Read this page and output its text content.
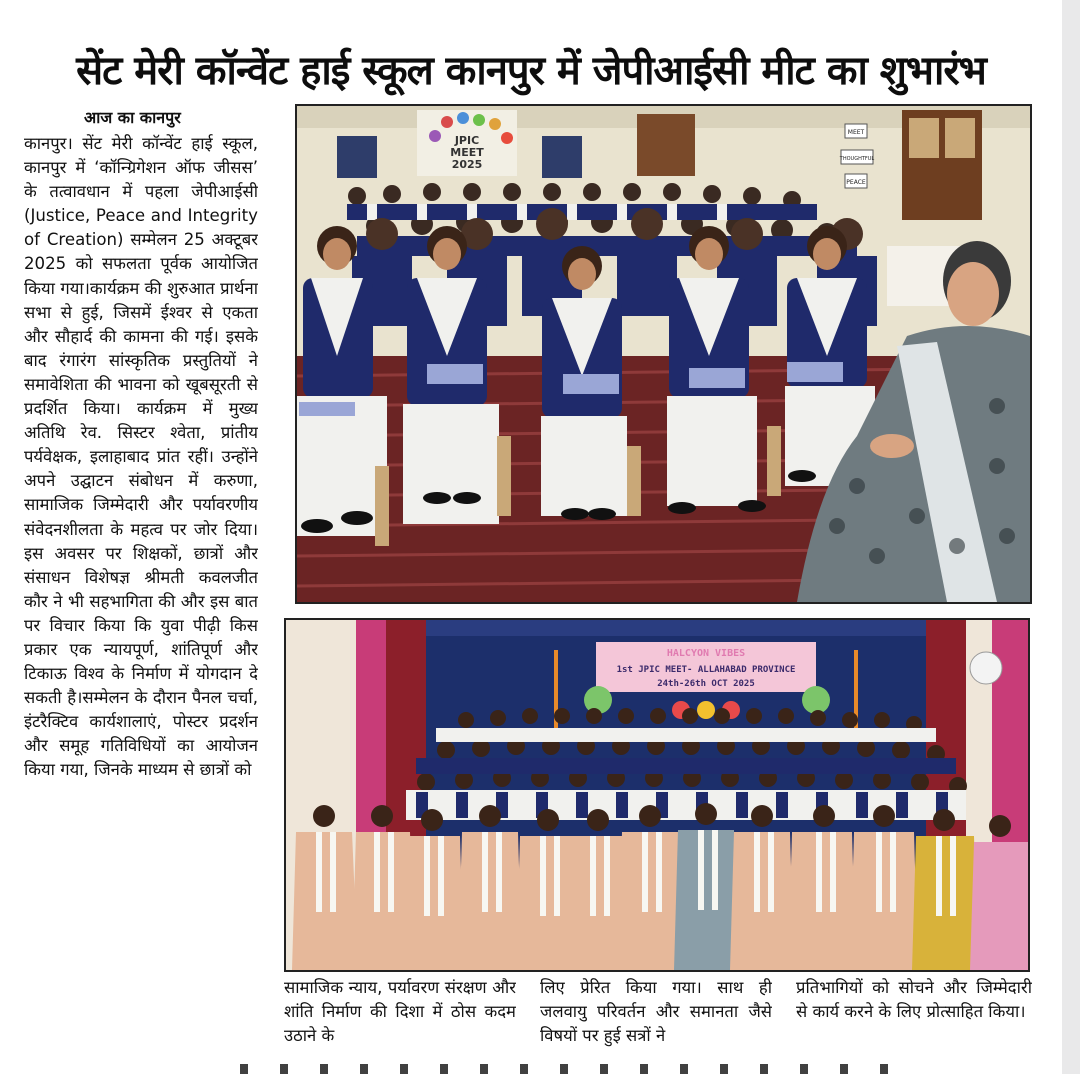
सेंट मेरी कॉन्वेंट हाई स्कूल कानपुर में जेपीआईसी मीट का शुभारंभ
आज का कानपुर
कानपुर। सेंट मेरी कॉन्वेंट हाई स्कूल, कानपुर में ‘कॉन्ग्रिगेशन ऑफ जीसस’ के तत्वावधान में पहला जेपीआईसी (Justice, Peace and Integrity of Creation) सम्मेलन 25 अक्टूबर 2025 को सफलता पूर्वक आयोजित किया गया।कार्यक्रम की शुरुआत प्रार्थना सभा से हुई, जिसमें ईश्वर से एकता और सौहार्द की कामना की गई। इसके बाद रंगारंग सांस्कृतिक प्रस्तुतियों ने समावेशिता की भावना को खूबसूरती से प्रदर्शित किया। कार्यक्रम में मुख्य अतिथि रेव. सिस्टर श्वेता, प्रांतीय पर्यवेक्षक, इलाहाबाद प्रांत रहीं। उन्होंने अपने उद्घाटन संबोधन में करुणा, सामाजिक जिम्मेदारी और पर्यावरणीय संवेदनशीलता के महत्व पर जोर दिया।इस अवसर पर शिक्षकों, छात्रों और संसाधन विशेषज्ञ श्रीमती कवलजीत कौर ने भी सहभागिता की और इस बात पर विचार किया कि युवा पीढ़ी किस प्रकार एक न्यायपूर्ण, शांतिपूर्ण और टिकाऊ विश्व के निर्माण में योगदान दे सकती है।सम्मेलन के दौरान पैनल चर्चा, इंटरैक्टिव कार्यशालाएं, पोस्टर प्रदर्शन और समूह गतिविधियों का आयोजन किया गया, जिनके माध्यम से छात्रों को
JPIC
MEET
2025
MEET
THOUGHTFUL
PEACE
HALCYON VIBES
1st JPIC MEET- ALLAHABAD PROVINCE
24th-26th OCT 2025
सामाजिक न्याय, पर्यावरण संरक्षण और शांति निर्माण की दिशा में ठोस कदम उठाने के
लिए प्रेरित किया गया। साथ ही जलवायु परिवर्तन और समानता जैसे विषयों पर हुई सत्रों ने
प्रतिभागियों को सोचने और जिम्मेदारी से कार्य करने के लिए प्रोत्साहित किया।
